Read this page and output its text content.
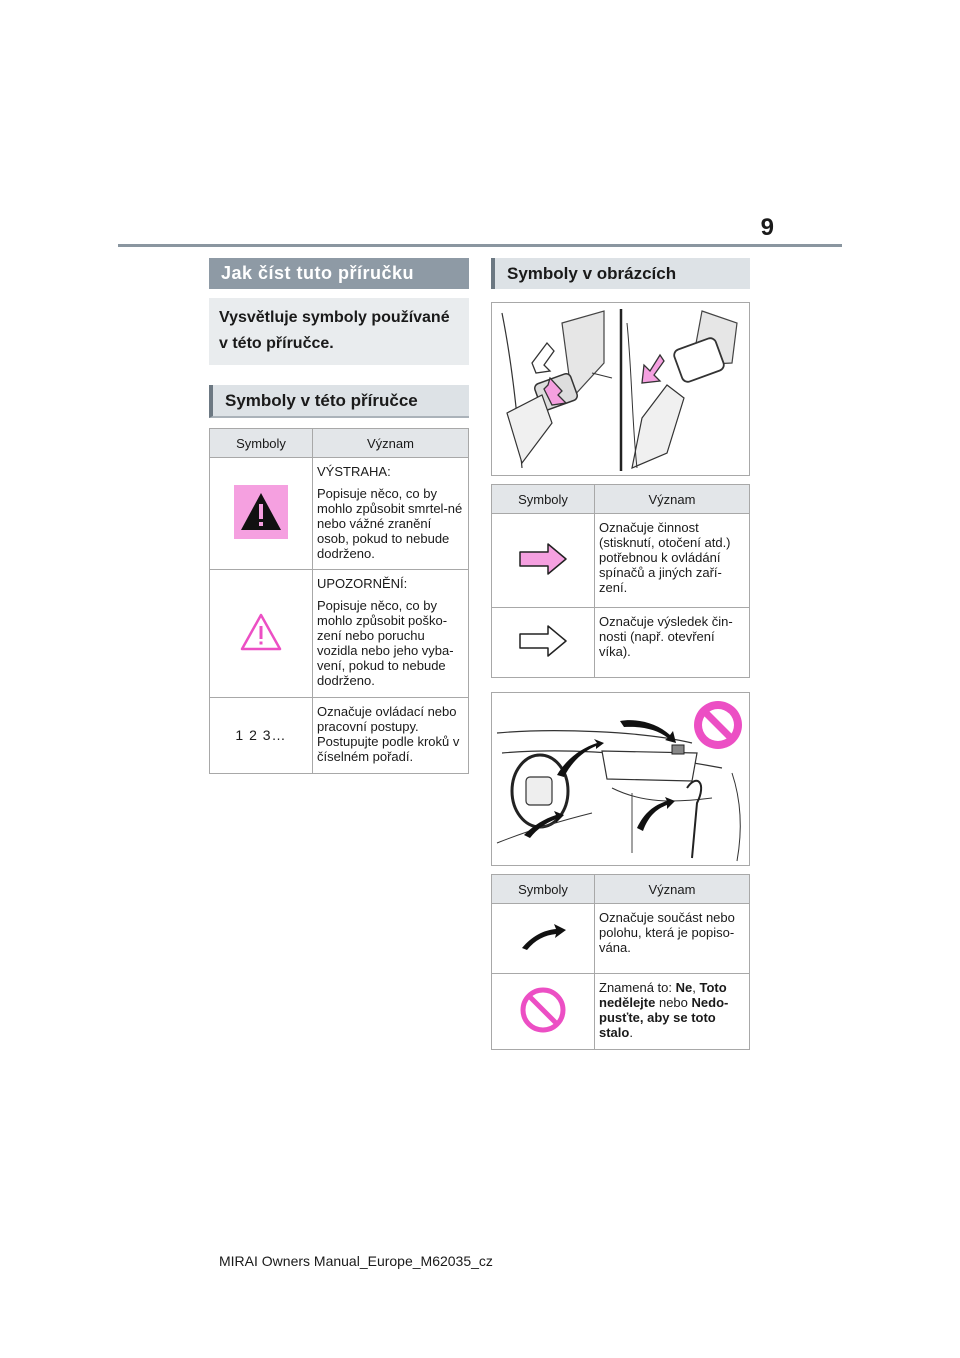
9
Jak číst tuto příručku
Vysvětluje symboly používané v této příručce.
Symboly v této příručce
Symboly	Význam

VÝSTRAHA:
Popisuje něco, co by mohlo způsobit smrtel-né nebo vážné zranění osob, pokud to nebude dodrženo.

UPOZORNĚNÍ:
Popisuje něco, co by mohlo způsobit poško-zení nebo poruchu vozidla nebo jeho vyba-vení, pokud to nebude dodrženo.

1 2 3…	Označuje ovládací nebo pracovní postupy. Postupujte podle kroků v číselném pořadí.
Symboly v obrázcích
Symboly	Význam

Označuje činnost (stisknutí, otočení atd.) potřebnou k ovládání spínačů a jiných zaří-zení.

Označuje výsledek čin-nosti (např. otevření víka).
Symboly	Význam

Označuje součást nebo polohu, která je popiso-vána.

Znamená to: Ne, Toto nedělejte nebo Nedo-pusťte, aby se toto stalo.
MIRAI Owners Manual_Europe_M62035_cz
